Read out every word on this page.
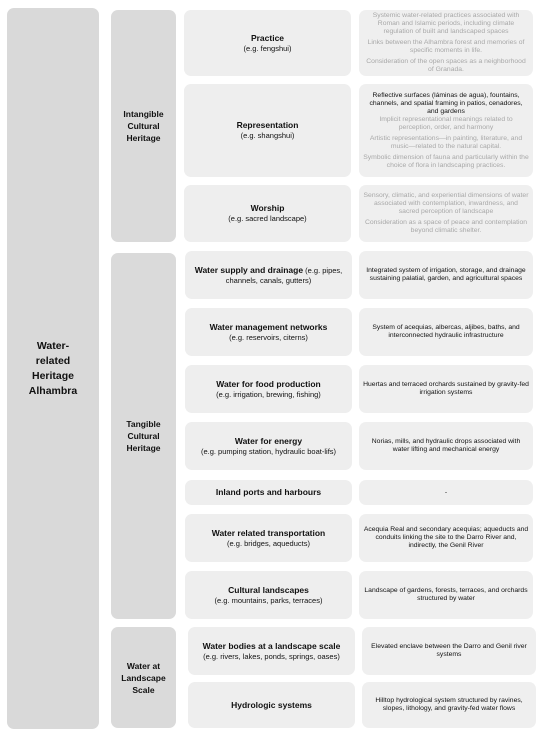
Water-related Heritage Alhambra
Intangible Cultural Heritage
Tangible Cultural Heritage
Water at Landscape Scale
Practice
(e.g. fengshui)
Representation
(e.g. shangshui)
Worship
(e.g. sacred landscape)

Systemic water-related practices associated with Roman and Islamic periods, including climate regulation of built and landscaped spaces

Links between the Alhambra forest and memories of specific moments in life.

Consideration of the open spaces as a neighborhood of Granada.

Reflective surfaces (láminas de agua), fountains, channels, and spatial framing in patios, cenadores, and gardens

Implicit representational meanings related to perception, order, and harmony

Artistic representations—in painting, literature, and music—related to the natural capital.

Symbolic dimension of fauna and particularly within the choice of flora in landscaping practices.

Sensory, climatic, and experiential dimensions of water associated with contemplation, inwardness, and sacred perception of landscape

Consideration as a space of peace and contemplation beyond climatic shelter.

Water supply and drainage (e.g. pipes, channels, canals, gutters)
Water management networks
(e.g. reservoirs, citerns)
Water for food production
(e.g. irrigation, brewing, fishing)
Water for energy
(e.g. pumping station, hydraulic boat-lifs)
Inland ports and harbours
Water related transportation
(e.g. bridges, aqueducts)
Cultural landscapes
(e.g. mountains, parks, terraces)

Integrated system of irrigation, storage, and drainage sustaining palatial, garden, and agricultural spaces

System of acequias, albercas, aljibes, baths, and interconnected hydraulic infrastructure

Huertas and terraced orchards sustained by gravity-fed irrigation systems

Norias, mills, and hydraulic drops associated with water lifting and mechanical energy

-

Acequia Real and secondary acequias; aqueducts and conduits linking the site to the Darro River and, indirectly, the Genil River

Landscape of gardens, forests, terraces, and orchards structured by water

Water bodies at a landscape scale
(e.g. rivers, lakes, ponds, springs, oases)
Hydrologic systems

Elevated enclave between the Darro and Genil river systems

Hilltop hydrological system structured by ravines, slopes, lithology, and gravity-fed water flows
